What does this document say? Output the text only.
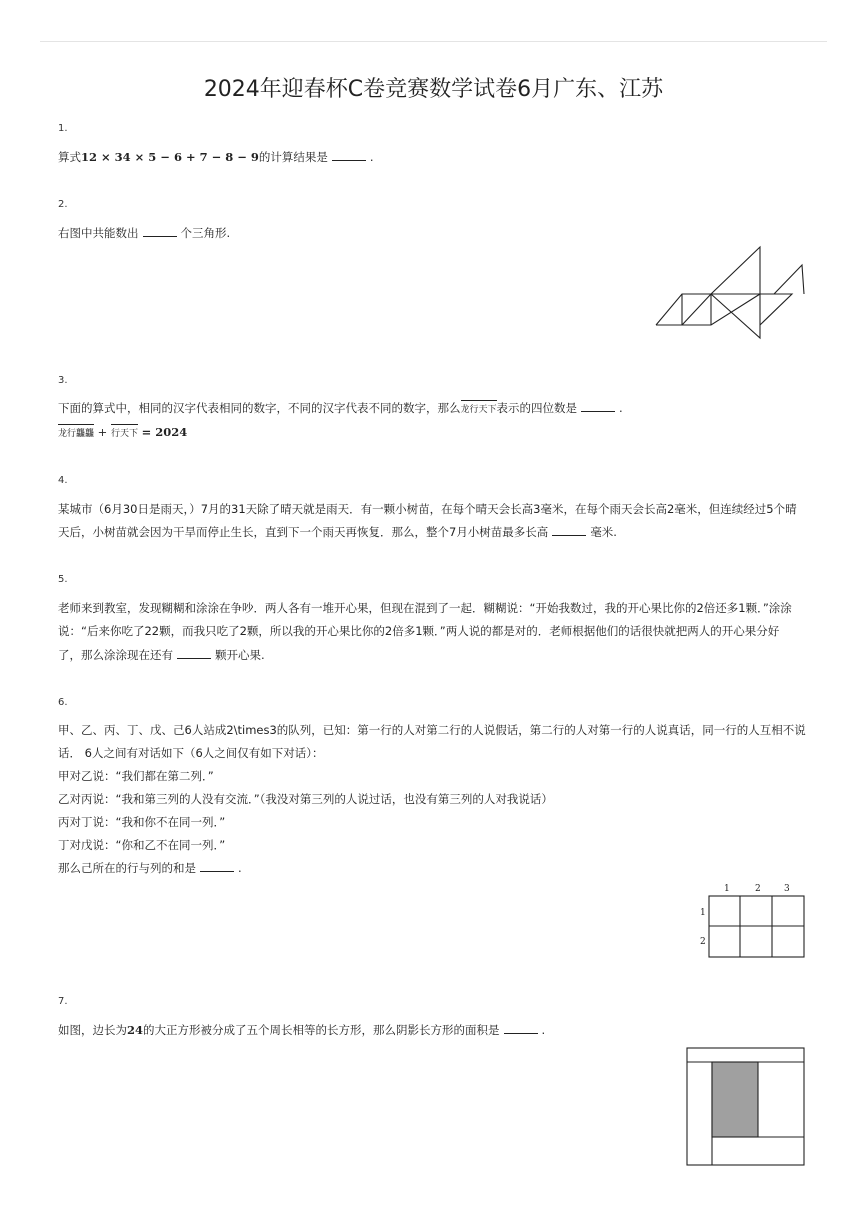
2024年迎春杯C卷竞赛数学试卷6月广东、江苏
1.
算式12 × 34 × 5 − 6 + 7 − 8 − 9的计算结果是	.
2.
右图中共能数出	个三角形.
3.
下面的算式中，相同的汉字代表相同的数字，不同的汉字代表不同的数字，那么龙行天下表示的四位数是	.
龙行龘龘 + 行天下 = 2024
4.
某城市（6月30日是雨天，）7月的31天除了晴天就是雨天．有一颗小树苗，在每个晴天会长高3毫米，在每个雨天会长高2毫米，但连续经过5个晴
天后，小树苗就会因为干旱而停止生长，直到下一个雨天再恢复．那么，整个7月小树苗最多长高	毫米.
5.
老师来到教室，发现糊糊和涂涂在争吵．两人各有一堆开心果，但现在混到了一起．糊糊说：“开始我数过，我的开心果比你的2倍还多1颗．”涂涂
说：“后来你吃了22颗，而我只吃了2颗，所以我的开心果比你的2倍多1颗．”两人说的都是对的．老师根据他们的话很快就把两人的开心果分好
了，那么涂涂现在还有	颗开心果.
6.
甲、乙、丙、丁、戊、己6人站成2\times3的队列，已知：第一行的人对第二行的人说假话，第二行的人对第一行的人说真话，同一行的人互相不说
话． 6人之间有对话如下（6人之间仅有如下对话）：
甲对乙说：“我们都在第二列．”
乙对丙说：“我和第三列的人没有交流．”（我没对第三列的人说过话，也没有第三列的人对我说话）
丙对丁说：“我和你不在同一列．”
丁对戊说：“你和乙不在同一列．”
那么己所在的行与列的和是	.
1	2	3
1
2
7.
如图，边长为24的大正方形被分成了五个周长相等的长方形，那么阴影长方形的面积是	.
